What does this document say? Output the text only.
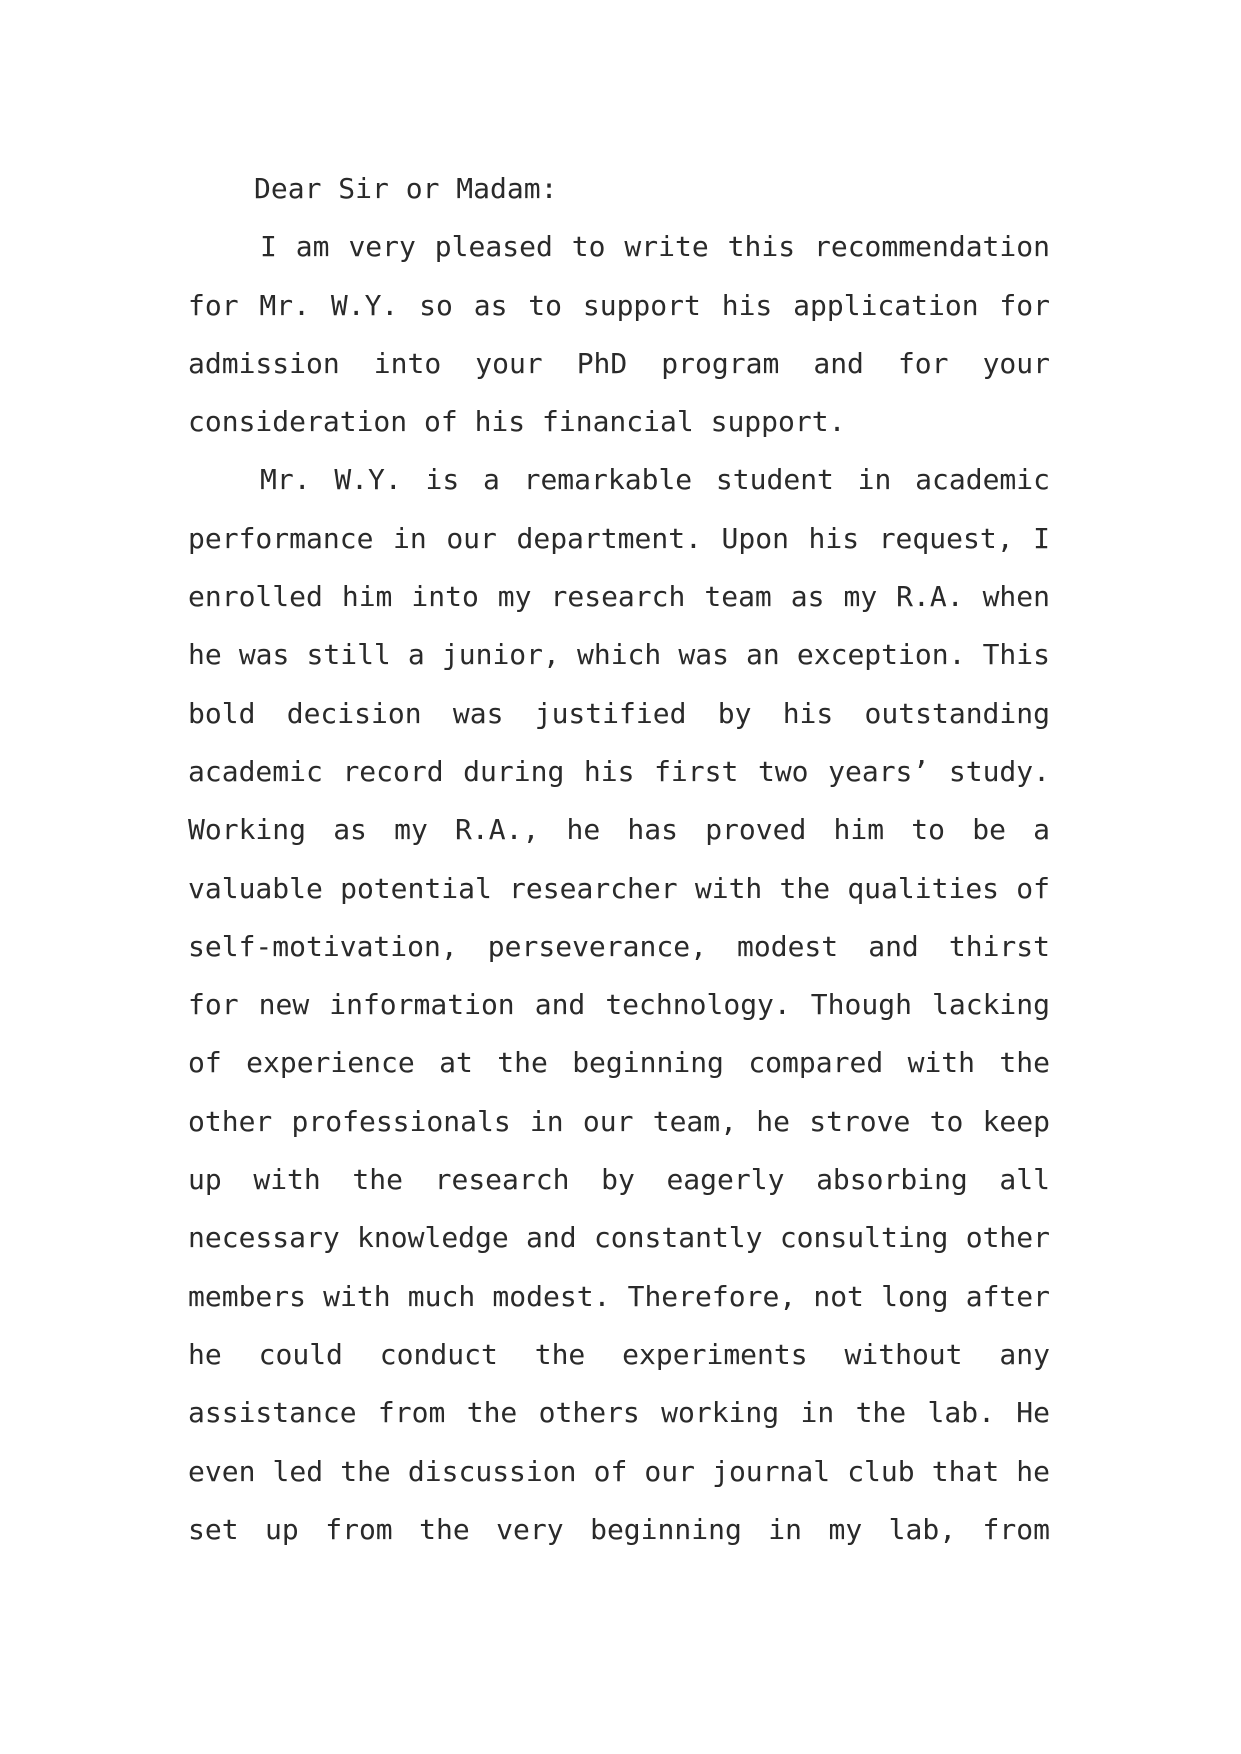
Dear Sir or Madam:
I am very pleased to write this recommendation
for Mr. W.Y. so as to support his application for
admission into your PhD program and for your
consideration of his financial support.
Mr. W.Y. is a remarkable student in academic
performance in our department. Upon his request, I
enrolled him into my research team as my R.A. when
he was still a junior, which was an exception. This
bold decision was justified by his outstanding
academic record during his first two years’ study.
Working as my R.A., he has proved him to be a
valuable potential researcher with the qualities of
self-motivation, perseverance, modest and thirst
for new information and technology. Though lacking
of experience at the beginning compared with the
other professionals in our team, he strove to keep
up with the research by eagerly absorbing all
necessary knowledge and constantly consulting other
members with much modest. Therefore, not long after
he could conduct the experiments without any
assistance from the others working in the lab. He
even led the discussion of our journal club that he
set up from the very beginning in my lab, from
